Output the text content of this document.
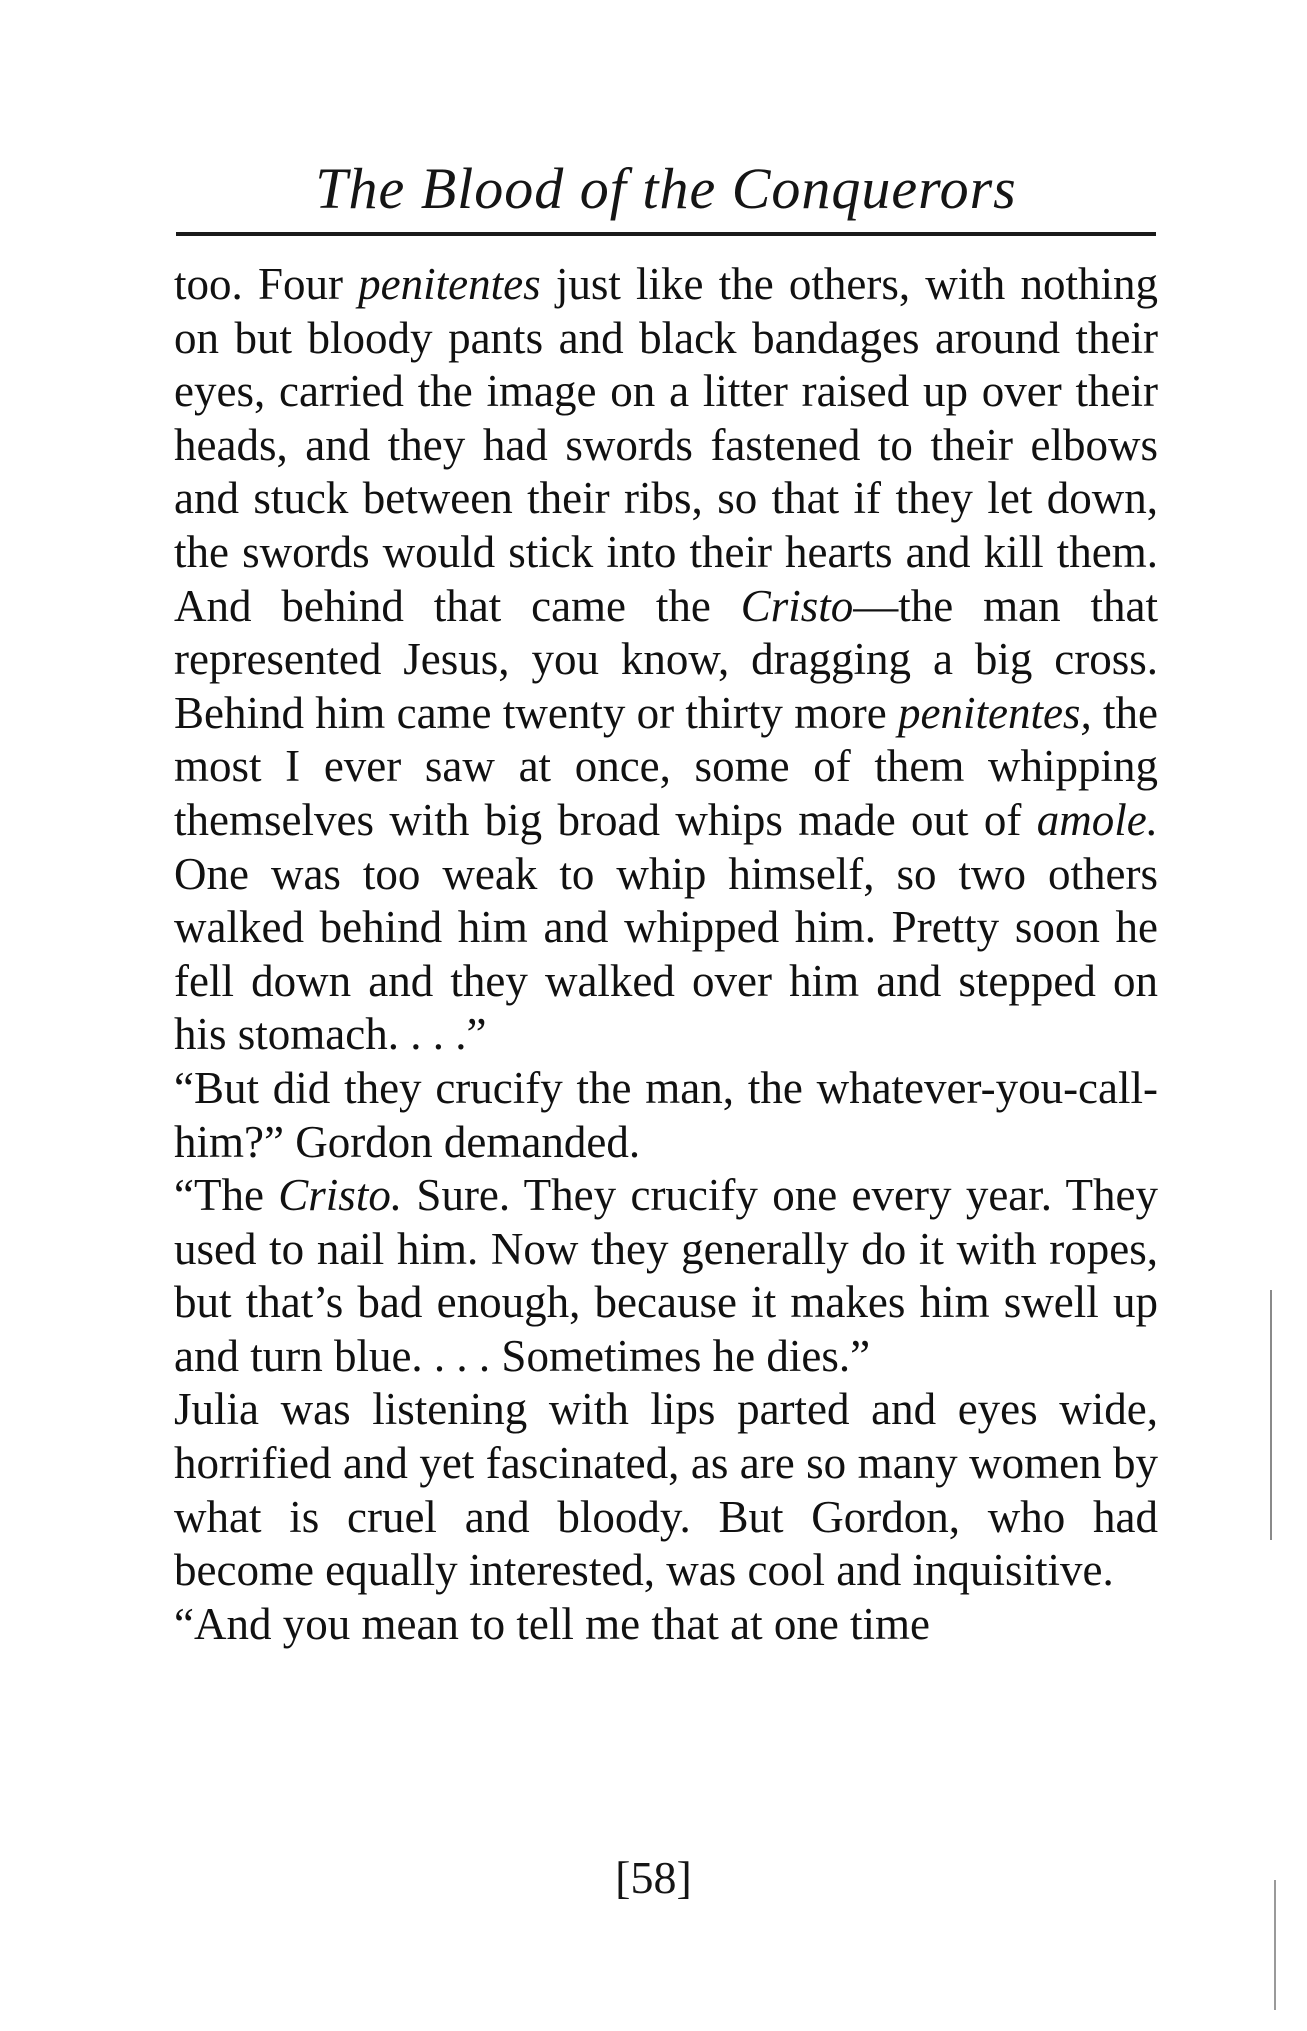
The Blood of the Conquerors

too. Four penitentes just like the others, with nothing on but bloody pants and black bandages around their eyes, carried the image on a litter raised up over their heads, and they had swords fastened to their elbows and stuck between their ribs, so that if they let down, the swords would stick into their hearts and kill them. And behind that came the Cristo—the man that represented Jesus, you know, dragging a big cross. Behind him came twenty or thirty more penitentes, the most I ever saw at once, some of them whipping themselves with big broad whips made out of amole. One was too weak to whip himself, so two others walked behind him and whipped him. Pretty soon he fell down and they walked over him and stepped on his stomach. . . .”

“But did they crucify the man, the whatever-you-call-him?” Gordon demanded.

“The Cristo. Sure. They crucify one every year. They used to nail him. Now they generally do it with ropes, but that’s bad enough, because it makes him swell up and turn blue. . . . Sometimes he dies.”

Julia was listening with lips parted and eyes wide, horrified and yet fascinated, as are so many women by what is cruel and bloody. But Gordon, who had become equally interested, was cool and inquisitive.

“And you mean to tell me that at one time

[58]
